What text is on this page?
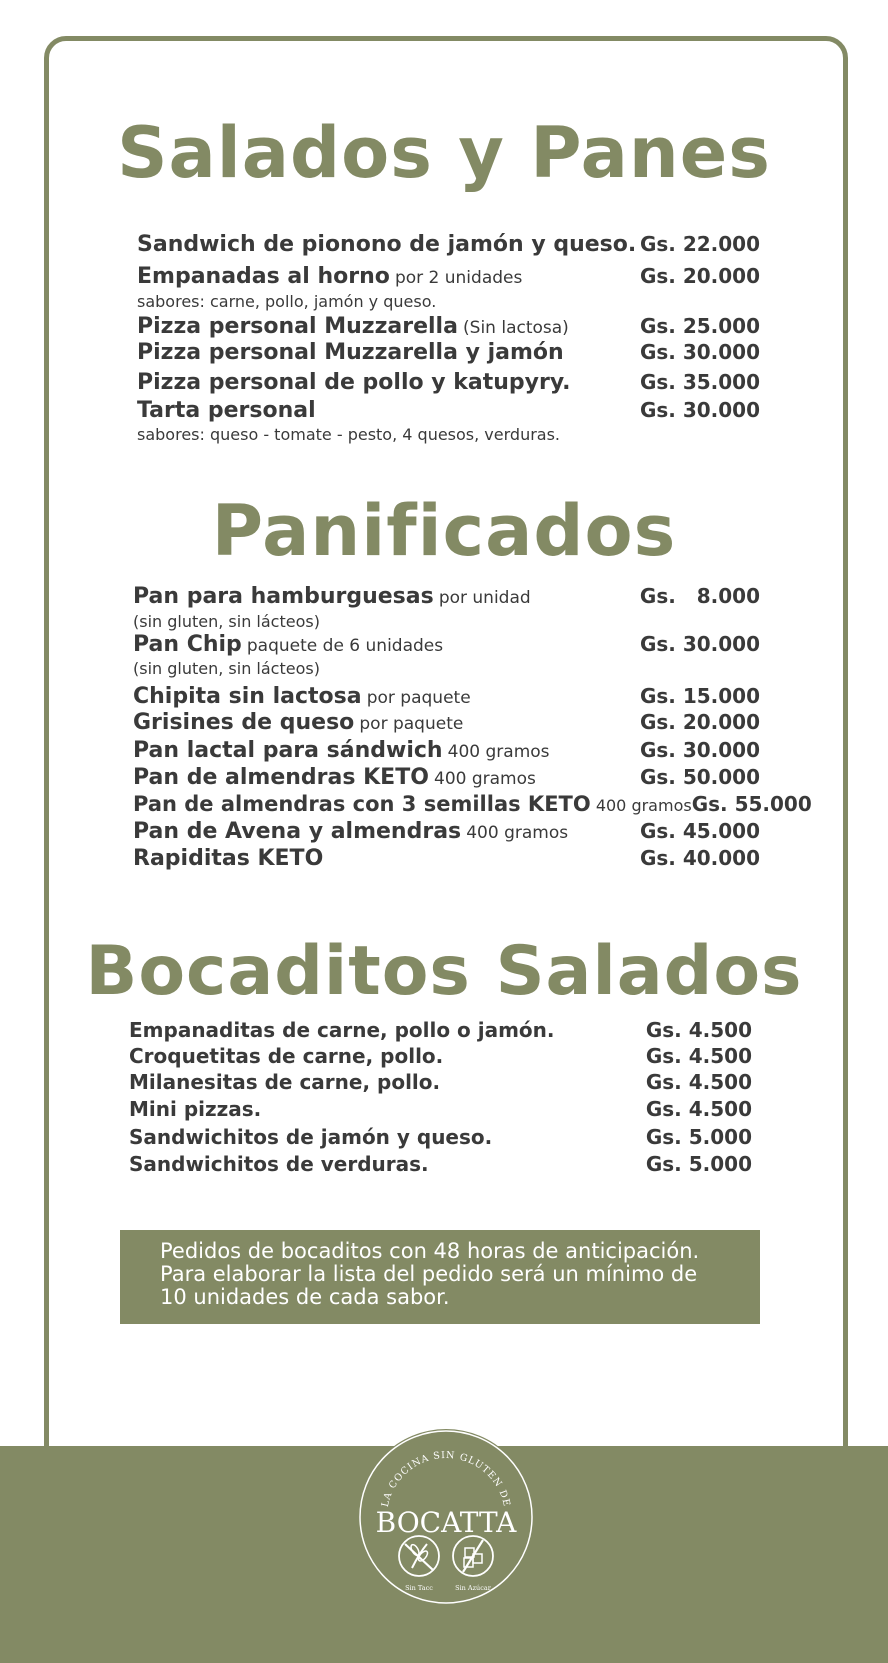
Salados y Panes
Sandwich de pionono de jamón y queso. Gs. 22.000
Empanadas al horno por 2 unidades	Gs. 20.000
sabores: carne, pollo, jamón y queso.
Pizza personal Muzzarella (Sin lactosa)	Gs. 25.000
Pizza personal Muzzarella y jamón	Gs. 30.000
Pizza personal de pollo y katupyry.	Gs. 35.000
Tarta personal	Gs. 30.000
sabores: queso - tomate - pesto, 4 quesos, verduras.
Panificados
Pan para hamburguesas por unidad	Gs.   8.000
(sin gluten, sin lácteos)
Pan Chip paquete de 6 unidades	Gs. 30.000
(sin gluten, sin lácteos)
Chipita sin lactosa por paquete	Gs. 15.000
Grisines de queso por paquete	Gs. 20.000
Pan lactal para sándwich 400 gramos	Gs. 30.000
Pan de almendras KETO 400 gramos	Gs. 50.000
Pan de almendras con 3 semillas KETO 400 gramos Gs. 55.000
Pan de Avena y almendras 400 gramos	Gs. 45.000
Rapiditas KETO	Gs. 40.000
Bocaditos Salados
Empanaditas de carne, pollo o jamón.	Gs. 4.500
Croquetitas de carne, pollo.	Gs. 4.500
Milanesitas de carne, pollo.	Gs. 4.500
Mini pizzas.	Gs. 4.500
Sandwichitos de jamón y queso.	Gs. 5.000
Sandwichitos de verduras.	Gs. 5.000
Pedidos de bocaditos con 48 horas de anticipación.
Para elaborar la lista del pedido será un mínimo de
10 unidades de cada sabor.
LA COCINA SIN GLUTEN DE
BOCATTA
Sin Tacc	Sin Azúcar
